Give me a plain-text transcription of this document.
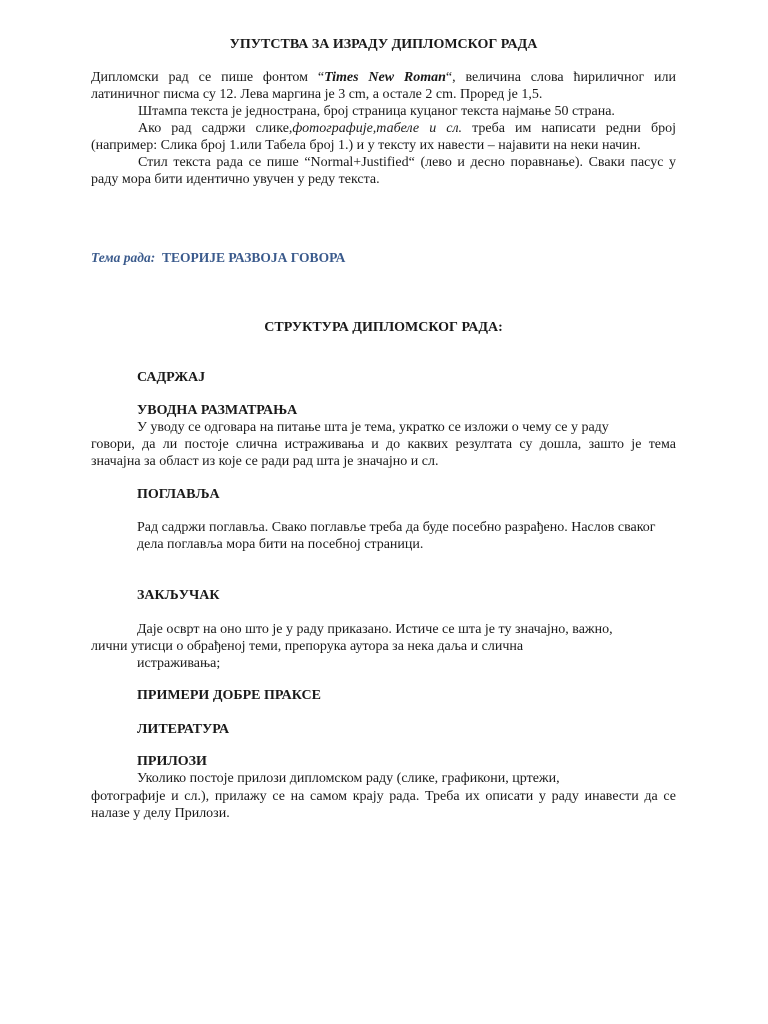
УПУТСТВА ЗА ИЗРАДУ ДИПЛОМСКОГ РАДА

Дипломски рад се пише фонтом “Times New Roman“, величина слова ћириличног или латиничног писма су 12. Лева маргина је 3 cm, а остале 2 cm. Проред је 1,5.

Штампа текста је једнострана, број страница куцаног текста најмање 50 страна.

Ако рад садржи слике,фотографије,табеле и сл. треба им написати редни број (например: Слика број 1.или Табела број 1.) и у тексту их навести – најавити на неки начин.

Стил текста рада се пише “Normal+Justified“ (лево и десно поравнање). Сваки пасус у раду мора бити идентично увучен у реду текста.

Тема рада: ТЕОРИЈЕ РАЗВОЈА ГОВОРА
СТРУКТУРА ДИПЛОМСКОГ РАДА:
САДРЖАЈ
УВОДНА РАЗМАТРАЊА
У уводу се одговара на питање шта је тема, укратко се изложи о чему се у раду
говори, да ли постоје слична истраживања и до каквих резултата су дошла, зашто је тема значајна за област из које се ради рад шта је значајно и сл.
ПОГЛАВЉА
Рад садржи поглавља. Свако поглавље треба да буде посебно разрађено. Наслов сваког дела поглавља мора бити на посебној страници.
ЗАКЉУЧАК
Даје осврт на оно што је у раду приказано. Истиче се шта је ту значајно, важно,
лични утисци о обрађеној теми, препорука аутора за нека даља и слична
истраживања;
ПРИМЕРИ ДОБРЕ ПРАКСЕ
ЛИТЕРАТУРА
ПРИЛОЗИ
Уколико постоје прилози дипломском раду (слике, графикони, цртежи,
фотографије и сл.), прилажу се на самом крају рада. Треба их описати у раду инавести да се налазе у делу Прилози.
